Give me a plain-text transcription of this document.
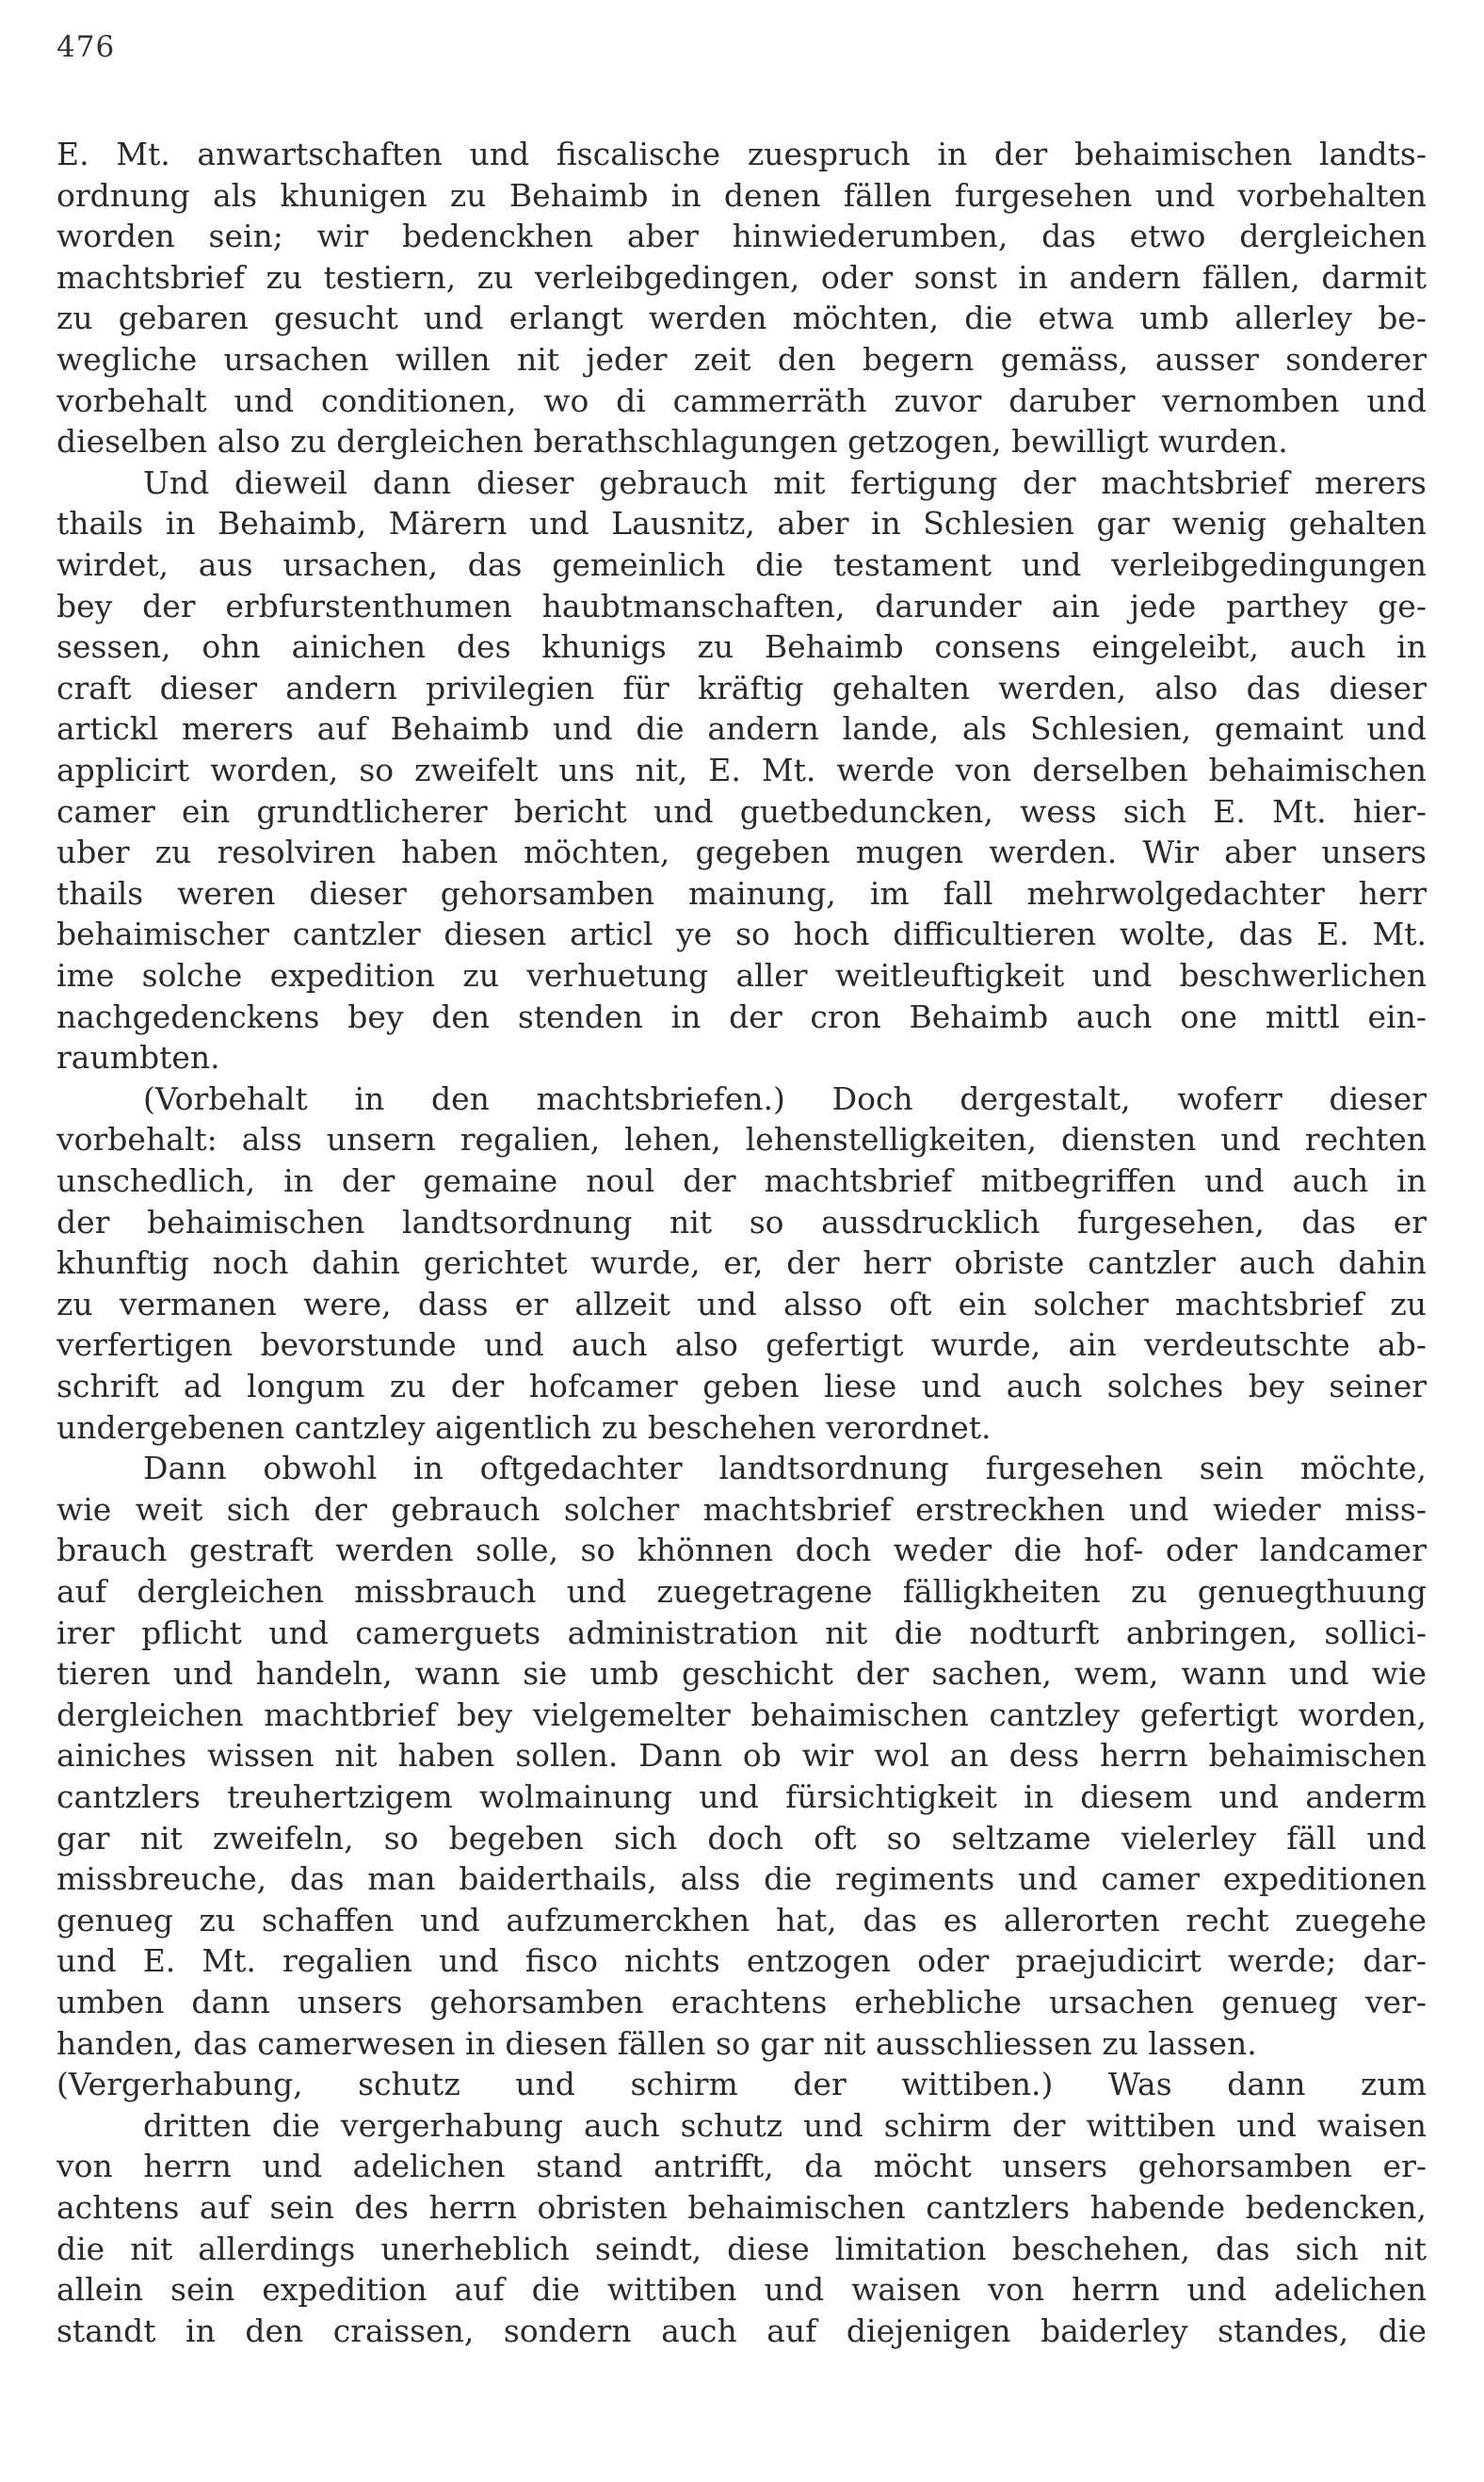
476
E. Mt. anwartschaften und fiscalische zuespruch in der behaimischen landts-
ordnung als khunigen zu Behaimb in denen fällen furgesehen und vorbehalten
worden sein; wir bedenckhen aber hinwiederumben, das etwo dergleichen
machtsbrief zu testiern, zu verleibgedingen, oder sonst in andern fällen, darmit
zu gebaren gesucht und erlangt werden möchten, die etwa umb allerley be-
wegliche ursachen willen nit jeder zeit den begern gemäss, ausser sonderer
vorbehalt und conditionen, wo di cammerräth zuvor daruber vernomben und
dieselben also zu dergleichen berathschlagungen getzogen, bewilligt wurden.
Und dieweil dann dieser gebrauch mit fertigung der machtsbrief merers
thails in Behaimb, Märern und Lausnitz, aber in Schlesien gar wenig gehalten
wirdet, aus ursachen, das gemeinlich die testament und verleibgedingungen
bey der erbfurstenthumen haubtmanschaften, darunder ain jede parthey ge-
sessen, ohn ainichen des khunigs zu Behaimb consens eingeleibt, auch in
craft dieser andern privilegien für kräftig gehalten werden, also das dieser
artickl merers auf Behaimb und die andern lande, als Schlesien, gemaint und
applicirt worden, so zweifelt uns nit, E. Mt. werde von derselben behaimischen
camer ein grundtlicherer bericht und guetbeduncken, wess sich E. Mt. hier-
uber zu resolviren haben möchten, gegeben mugen werden. Wir aber unsers
thails weren dieser gehorsamben mainung, im fall mehrwolgedachter herr
behaimischer cantzler diesen articl ye so hoch difficultieren wolte, das E. Mt.
ime solche expedition zu verhuetung aller weitleuftigkeit und beschwerlichen
nachgedenckens bey den stenden in der cron Behaimb auch one mittl ein-
raumbten.
(Vorbehalt in den machtsbriefen.) Doch dergestalt, woferr dieser
vorbehalt: alss unsern regalien, lehen, lehenstelligkeiten, diensten und rechten
unschedlich, in der gemaine noul der machtsbrief mitbegriffen und auch in
der behaimischen landtsordnung nit so aussdrucklich furgesehen, das er
khunftig noch dahin gerichtet wurde, er, der herr obriste cantzler auch dahin
zu vermanen were, dass er allzeit und alsso oft ein solcher machtsbrief zu
verfertigen bevorstunde und auch also gefertigt wurde, ain verdeutschte ab-
schrift ad longum zu der hofcamer geben liese und auch solches bey seiner
undergebenen cantzley aigentlich zu beschehen verordnet.
Dann obwohl in oftgedachter landtsordnung furgesehen sein möchte,
wie weit sich der gebrauch solcher machtsbrief erstreckhen und wieder miss-
brauch gestraft werden solle, so khönnen doch weder die hof- oder landcamer
auf dergleichen missbrauch und zuegetragene fälligkheiten zu genuegthuung
irer pflicht und camerguets administration nit die nodturft anbringen, sollici-
tieren und handeln, wann sie umb geschicht der sachen, wem, wann und wie
dergleichen machtbrief bey vielgemelter behaimischen cantzley gefertigt worden,
ainiches wissen nit haben sollen. Dann ob wir wol an dess herrn behaimischen
cantzlers treuhertzigem wolmainung und fürsichtigkeit in diesem und anderm
gar nit zweifeln, so begeben sich doch oft so seltzame vielerley fäll und
missbreuche, das man baiderthails, alss die regiments und camer expeditionen
genueg zu schaffen und aufzumerckhen hat, das es allerorten recht zuegehe
und E. Mt. regalien und fisco nichts entzogen oder praejudicirt werde; dar-
umben dann unsers gehorsamben erachtens erhebliche ursachen genueg ver-
handen, das camerwesen in diesen fällen so gar nit ausschliessen zu lassen.
(Vergerhabung, schutz und schirm der wittiben.) Was dann zum
dritten die vergerhabung auch schutz und schirm der wittiben und waisen
von herrn und adelichen stand antrifft, da möcht unsers gehorsamben er-
achtens auf sein des herrn obristen behaimischen cantzlers habende bedencken,
die nit allerdings unerheblich seindt, diese limitation beschehen, das sich nit
allein sein expedition auf die wittiben und waisen von herrn und adelichen
standt in den craissen, sondern auch auf diejenigen baiderley standes, die
